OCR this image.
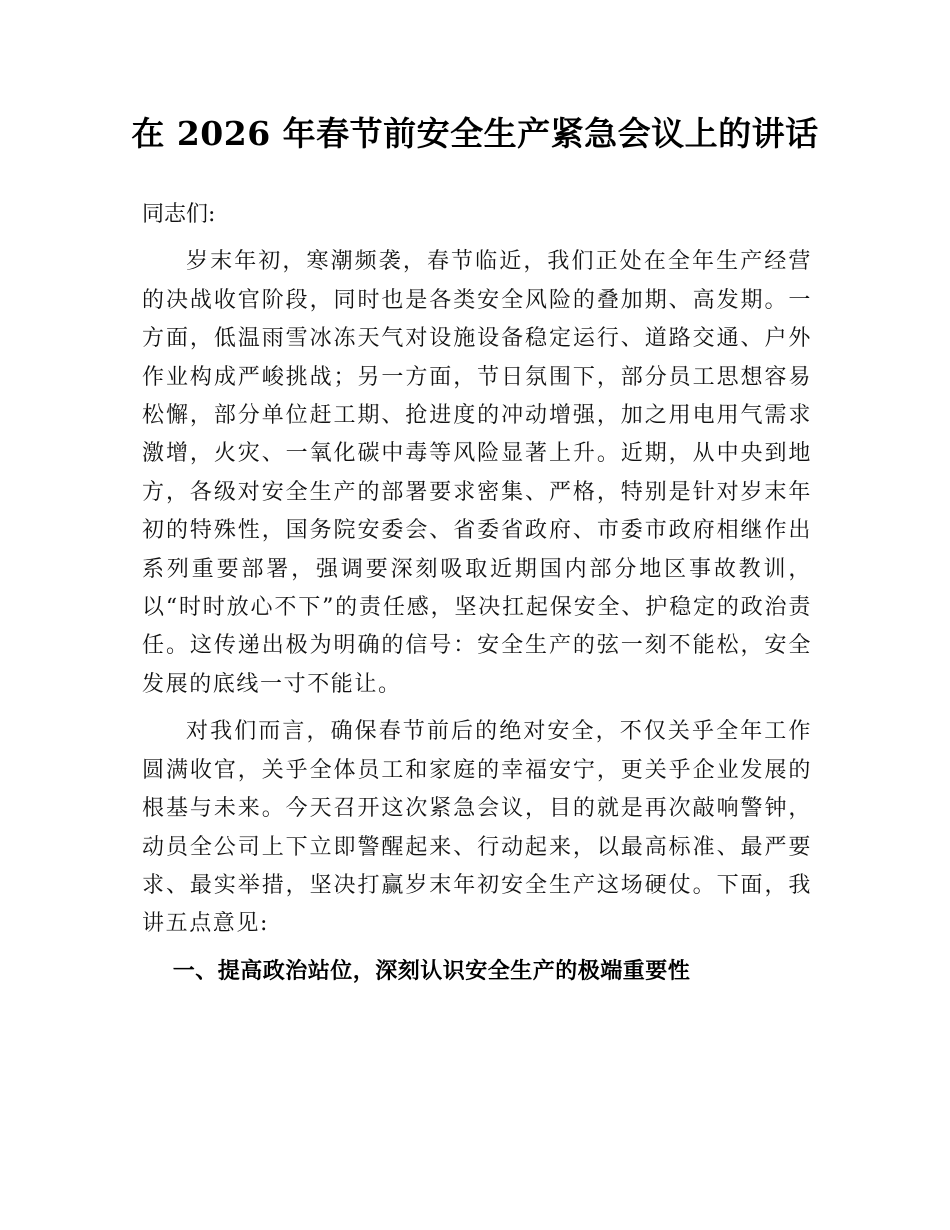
在 2026 年春节前安全生产紧急会议上的讲话

同志们:

岁末年初，寒潮频袭，春节临近，我们正处在全年生产经营的决战收官阶段，同时也是各类安全风险的叠加期、高发期。一方面，低温雨雪冰冻天气对设施设备稳定运行、道路交通、户外作业构成严峻挑战；另一方面，节日氛围下，部分员工思想容易松懈，部分单位赶工期、抢进度的冲动增强，加之用电用气需求激增，火灾、一氧化碳中毒等风险显著上升。近期，从中央到地方，各级对安全生产的部署要求密集、严格，特别是针对岁末年初的特殊性，国务院安委会、省委省政府、市委市政府相继作出系列重要部署，强调要深刻吸取近期国内部分地区事故教训，以“时时放心不下”的责任感，坚决扛起保安全、护稳定的政治责任。这传递出极为明确的信号：安全生产的弦一刻不能松，安全发展的底线一寸不能让。

对我们而言，确保春节前后的绝对安全，不仅关乎全年工作圆满收官，关乎全体员工和家庭的幸福安宁，更关乎企业发展的根基与未来。今天召开这次紧急会议，目的就是再次敲响警钟，动员全公司上下立即警醒起来、行动起来，以最高标准、最严要求、最实举措，坚决打赢岁末年初安全生产这场硬仗。下面，我讲五点意见:

一、提高政治站位，深刻认识安全生产的极端重要性
